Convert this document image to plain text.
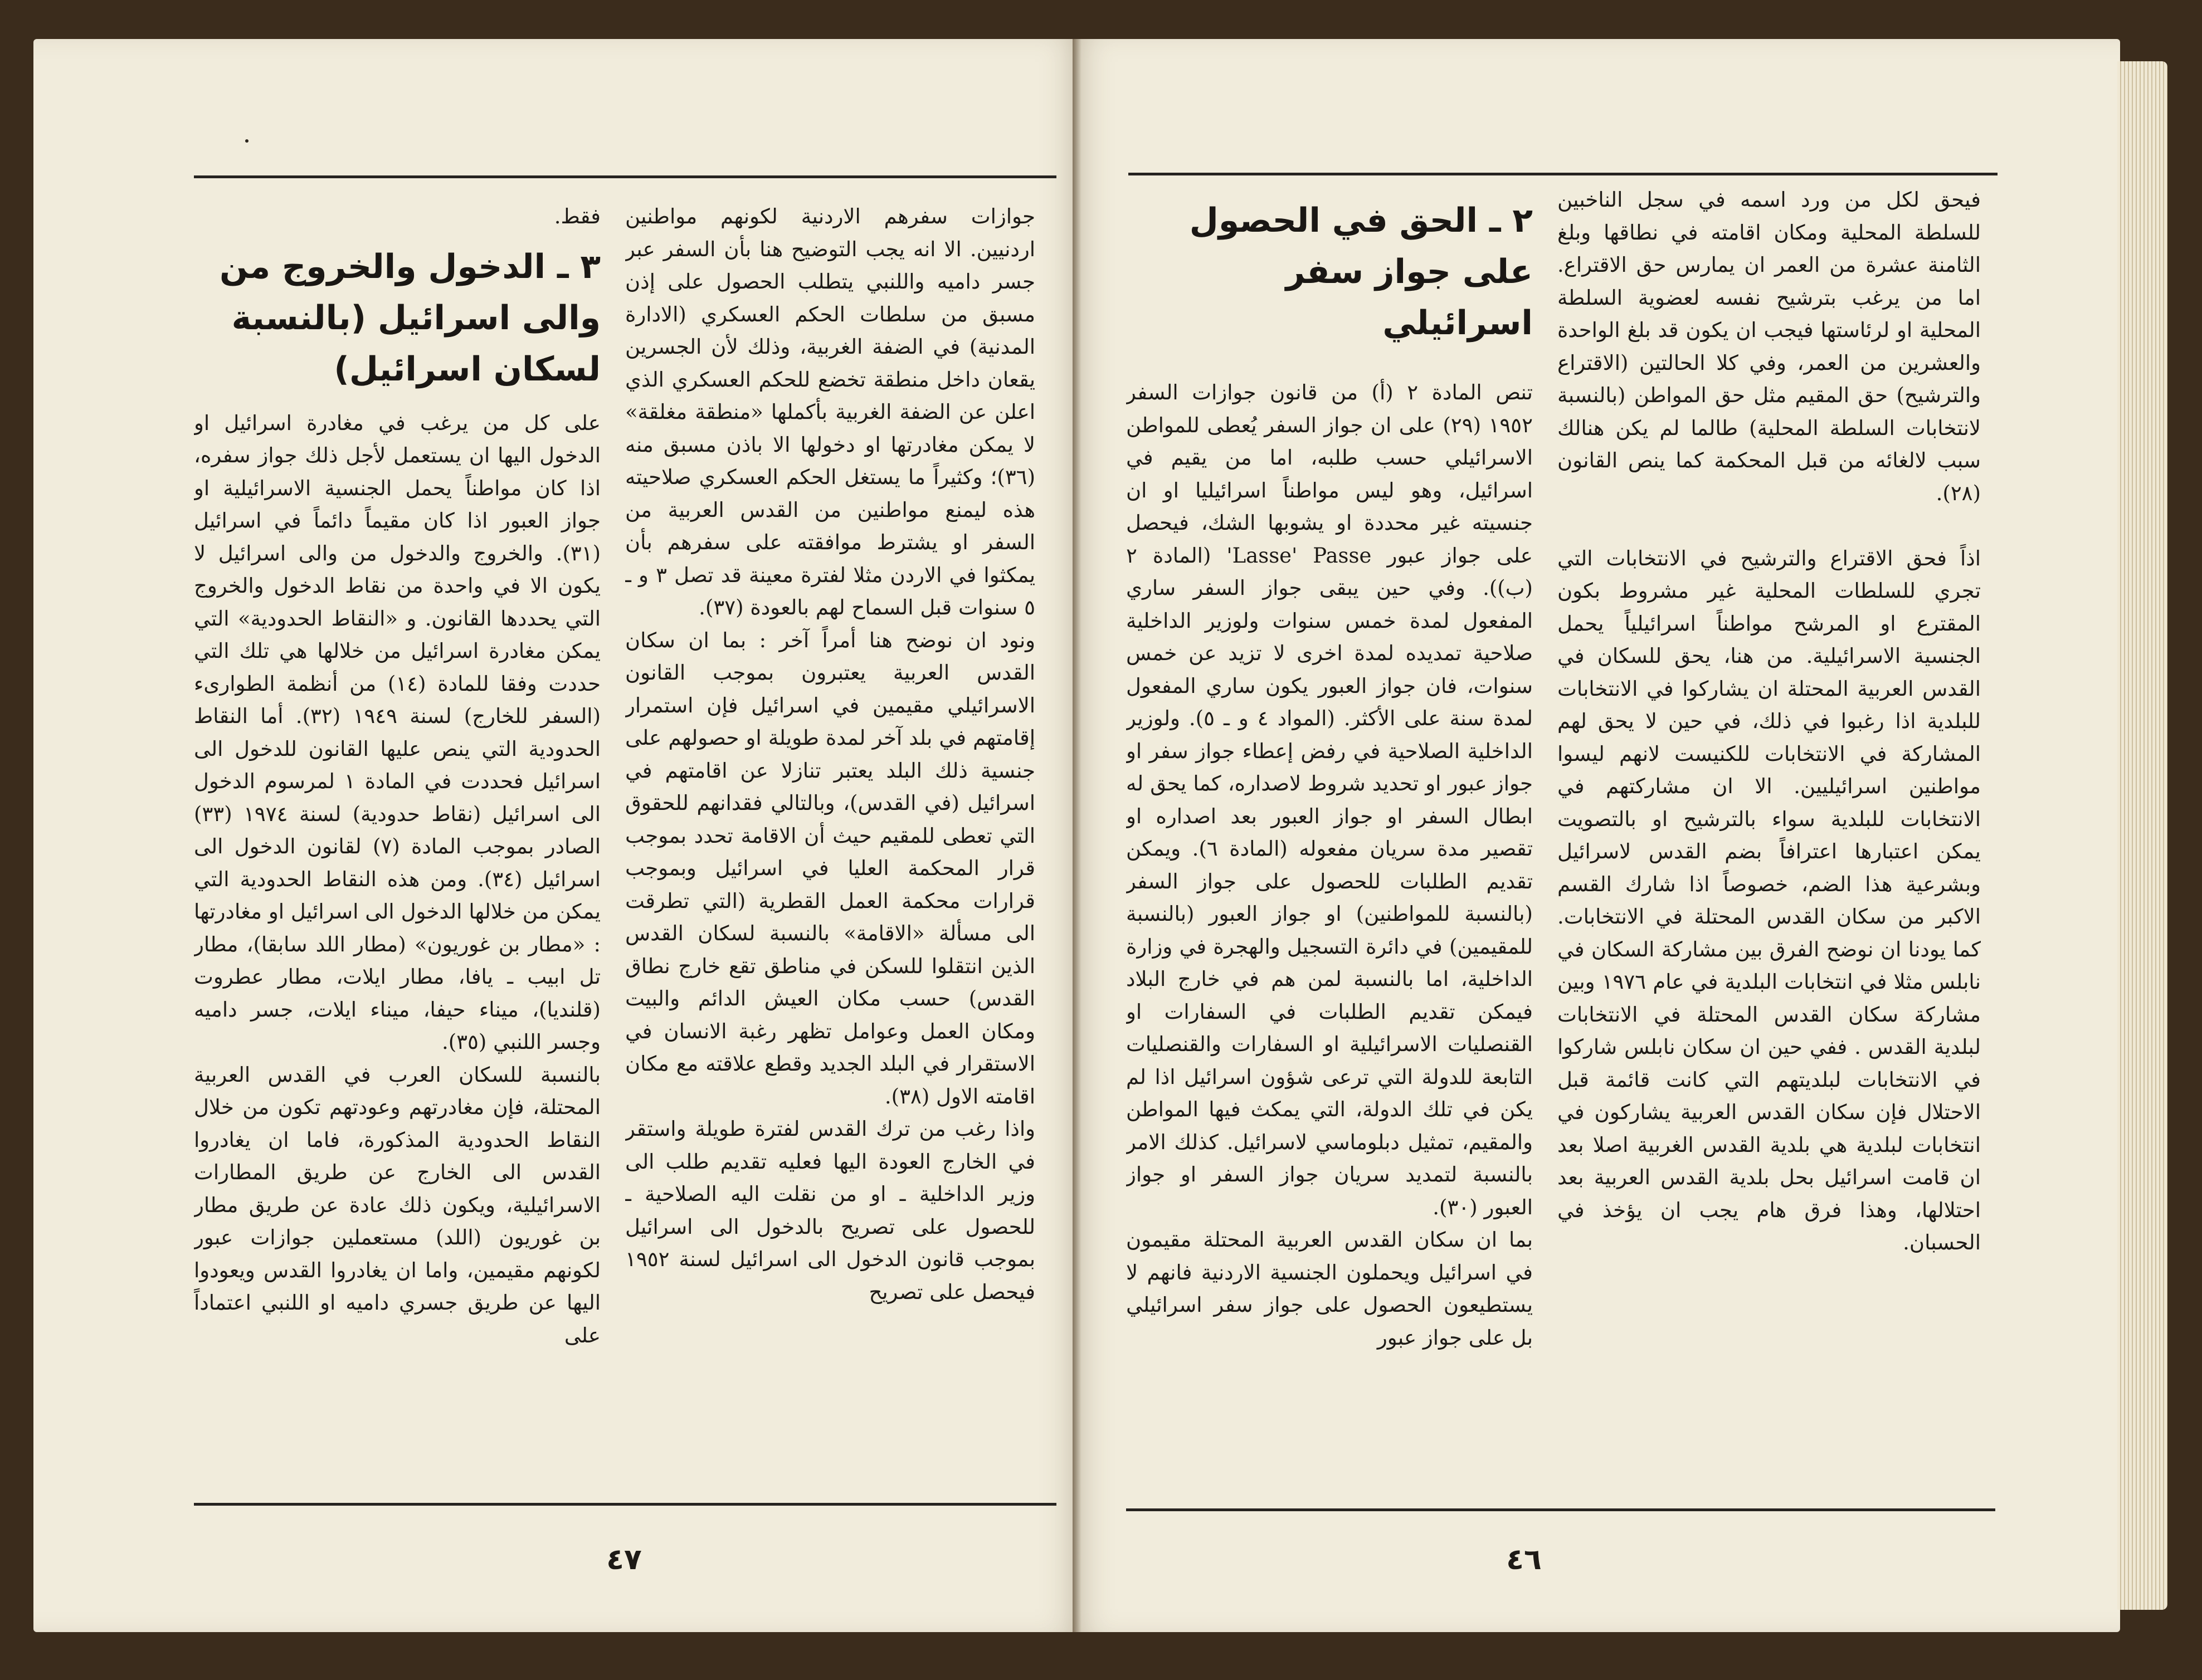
جوازات سفرهم الاردنية لكونهم مواطنين اردنيين. الا انه يجب التوضيح هنا بأن السفر عبر جسر داميه واللنبي يتطلب الحصول على إذن مسبق من سلطات الحكم العسكري (الادارة المدنية) في الضفة الغربية، وذلك لأن الجسرين يقعان داخل منطقة تخضع للحكم العسكري الذي اعلن عن الضفة الغربية بأكملها «منطقة مغلقة» لا يمكن مغادرتها او دخولها الا باذن مسبق منه (٣٦)؛ وكثيراً ما يستغل الحكم العسكري صلاحيته هذه ليمنع مواطنين من القدس العربية من السفر او يشترط موافقته على سفرهم بأن يمكثوا في الاردن مثلا لفترة معينة قد تصل ٣ و ـ ٥ سنوات قبل السماح لهم بالعودة (٣٧).
ونود ان نوضح هنا أمراً آخر : بما ان سكان القدس العربية يعتبرون بموجب القانون الاسرائيلي مقيمين في اسرائيل فإن استمرار إقامتهم في بلد آخر لمدة طويلة او حصولهم على جنسية ذلك البلد يعتبر تنازلا عن اقامتهم في اسرائيل (في القدس)، وبالتالي فقدانهم للحقوق التي تعطى للمقيم حيث أن الاقامة تحدد بموجب قرار المحكمة العليا في اسرائيل وبموجب قرارات محكمة العمل القطرية (التي تطرقت الى مسألة «الاقامة» بالنسبة لسكان القدس الذين انتقلوا للسكن في مناطق تقع خارج نطاق القدس) حسب مكان العيش الدائم والبيت ومكان العمل وعوامل تظهر رغبة الانسان في الاستقرار في البلد الجديد وقطع علاقته مع مكان اقامته الاول (٣٨).
واذا رغب من ترك القدس لفترة طويلة واستقر في الخارج العودة اليها فعليه تقديم طلب الى وزير الداخلية ـ او من نقلت اليه الصلاحية ـ للحصول على تصريح بالدخول الى اسرائيل بموجب قانون الدخول الى اسرائيل لسنة ١٩٥٢ فيحصل على تصريح

فقط.

٣ ـ الدخول والخروج من والى اسرائيل (بالنسبة لسكان اسرائيل)

على كل من يرغب في مغادرة اسرائيل او الدخول اليها ان يستعمل لأجل ذلك جواز سفره، اذا كان مواطناً يحمل الجنسية الاسرائيلية او جواز العبور اذا كان مقيماً دائماً في اسرائيل (٣١). والخروج والدخول من والى اسرائيل لا يكون الا في واحدة من نقاط الدخول والخروج التي يحددها القانون. و «النقاط الحدودية» التي يمكن مغادرة اسرائيل من خلالها هي تلك التي حددت وفقا للمادة (١٤) من أنظمة الطوارىء (السفر للخارج) لسنة ١٩٤٩ (٣٢). أما النقاط الحدودية التي ينص عليها القانون للدخول الى اسرائيل فحددت في المادة ١ لمرسوم الدخول الى اسرائيل (نقاط حدودية) لسنة ١٩٧٤ (٣٣) الصادر بموجب المادة (٧) لقانون الدخول الى اسرائيل (٣٤). ومن هذه النقاط الحدودية التي يمكن من خلالها الدخول الى اسرائيل او مغادرتها : «مطار بن غوريون» (مطار اللد سابقا)، مطار تل ابيب ـ يافا، مطار ايلات، مطار عطروت (قلنديا)، ميناء حيفا، ميناء ايلات، جسر داميه وجسر اللنبي (٣٥).
بالنسبة للسكان العرب في القدس العربية المحتلة، فإن مغادرتهم وعودتهم تكون من خلال النقاط الحدودية المذكورة، فاما ان يغادروا القدس الى الخارج عن طريق المطارات الاسرائيلية، ويكون ذلك عادة عن طريق مطار بن غوريون (اللد) مستعملين جوازات عبور لكونهم مقيمين، واما ان يغادروا القدس ويعودوا اليها عن طريق جسري داميه او اللنبي اعتماداً على

٤٧
فيحق لكل من ورد اسمه في سجل الناخبين للسلطة المحلية ومكان اقامته في نطاقها وبلغ الثامنة عشرة من العمر ان يمارس حق الاقتراع. اما من يرغب بترشيح نفسه لعضوية السلطة المحلية او لرئاستها فيجب ان يكون قد بلغ الواحدة والعشرين من العمر، وفي كلا الحالتين (الاقتراع والترشيح) حق المقيم مثل حق المواطن (بالنسبة لانتخابات السلطة المحلية) طالما لم يكن هنالك سبب لالغائه من قبل المحكمة كما ينص القانون (٢٨).

اذاً فحق الاقتراع والترشيح في الانتخابات التي تجري للسلطات المحلية غير مشروط بكون المقترع او المرشح مواطناً اسرائيلياً يحمل الجنسية الاسرائيلية. من هنا، يحق للسكان في القدس العربية المحتلة ان يشاركوا في الانتخابات للبلدية اذا رغبوا في ذلك، في حين لا يحق لهم المشاركة في الانتخابات للكنيست لانهم ليسوا مواطنين اسرائيليين. الا ان مشاركتهم في الانتخابات للبلدية سواء بالترشيح او بالتصويت يمكن اعتبارها اعترافاً بضم القدس لاسرائيل وبشرعية هذا الضم، خصوصاً اذا شارك القسم الاكبر من سكان القدس المحتلة في الانتخابات. كما يودنا ان نوضح الفرق بين مشاركة السكان في نابلس مثلا في انتخابات البلدية في عام ١٩٧٦ وبين مشاركة سكان القدس المحتلة في الانتخابات لبلدية القدس . ففي حين ان سكان نابلس شاركوا في الانتخابات لبلديتهم التي كانت قائمة قبل الاحتلال فإن سكان القدس العربية يشاركون في انتخابات لبلدية هي بلدية القدس الغربية اصلا بعد ان قامت اسرائيل بحل بلدية القدس العربية بعد احتلالها، وهذا فرق هام يجب ان يؤخذ في الحسبان.
٢ ـ الحق في الحصول على جواز سفر اسرائيلي

تنص المادة ٢ (أ) من قانون جوازات السفر ١٩٥٢ (٢٩) على ان جواز السفر يُعطى للمواطن الاسرائيلي حسب طلبه، اما من يقيم في اسرائيل، وهو ليس مواطناً اسرائيليا او ان جنسيته غير محددة او يشوبها الشك، فيحصل على جواز عبور Lasse' Passe' (المادة ٢ (ب)). وفي حين يبقى جواز السفر ساري المفعول لمدة خمس سنوات ولوزير الداخلية صلاحية تمديده لمدة اخرى لا تزيد عن خمس سنوات، فان جواز العبور يكون ساري المفعول لمدة سنة على الأكثر. (المواد ٤ و ـ ٥). ولوزير الداخلية الصلاحية في رفض إعطاء جواز سفر او جواز عبور او تحديد شروط لاصداره، كما يحق له ابطال السفر او جواز العبور بعد اصداره او تقصير مدة سريان مفعوله (المادة ٦). ويمكن تقديم الطلبات للحصول على جواز السفر (بالنسبة للمواطنين) او جواز العبور (بالنسبة للمقيمين) في دائرة التسجيل والهجرة في وزارة الداخلية، اما بالنسبة لمن هم في خارج البلاد فيمكن تقديم الطلبات في السفارات او القنصليات الاسرائيلية او السفارات والقنصليات التابعة للدولة التي ترعى شؤون اسرائيل اذا لم يكن في تلك الدولة، التي يمكث فيها المواطن والمقيم، تمثيل دبلوماسي لاسرائيل. كذلك الامر بالنسبة لتمديد سريان جواز السفر او جواز العبور (٣٠).
بما ان سكان القدس العربية المحتلة مقيمون في اسرائيل ويحملون الجنسية الاردنية فانهم لا يستطيعون الحصول على جواز سفر اسرائيلي بل على جواز عبور

٤٦
